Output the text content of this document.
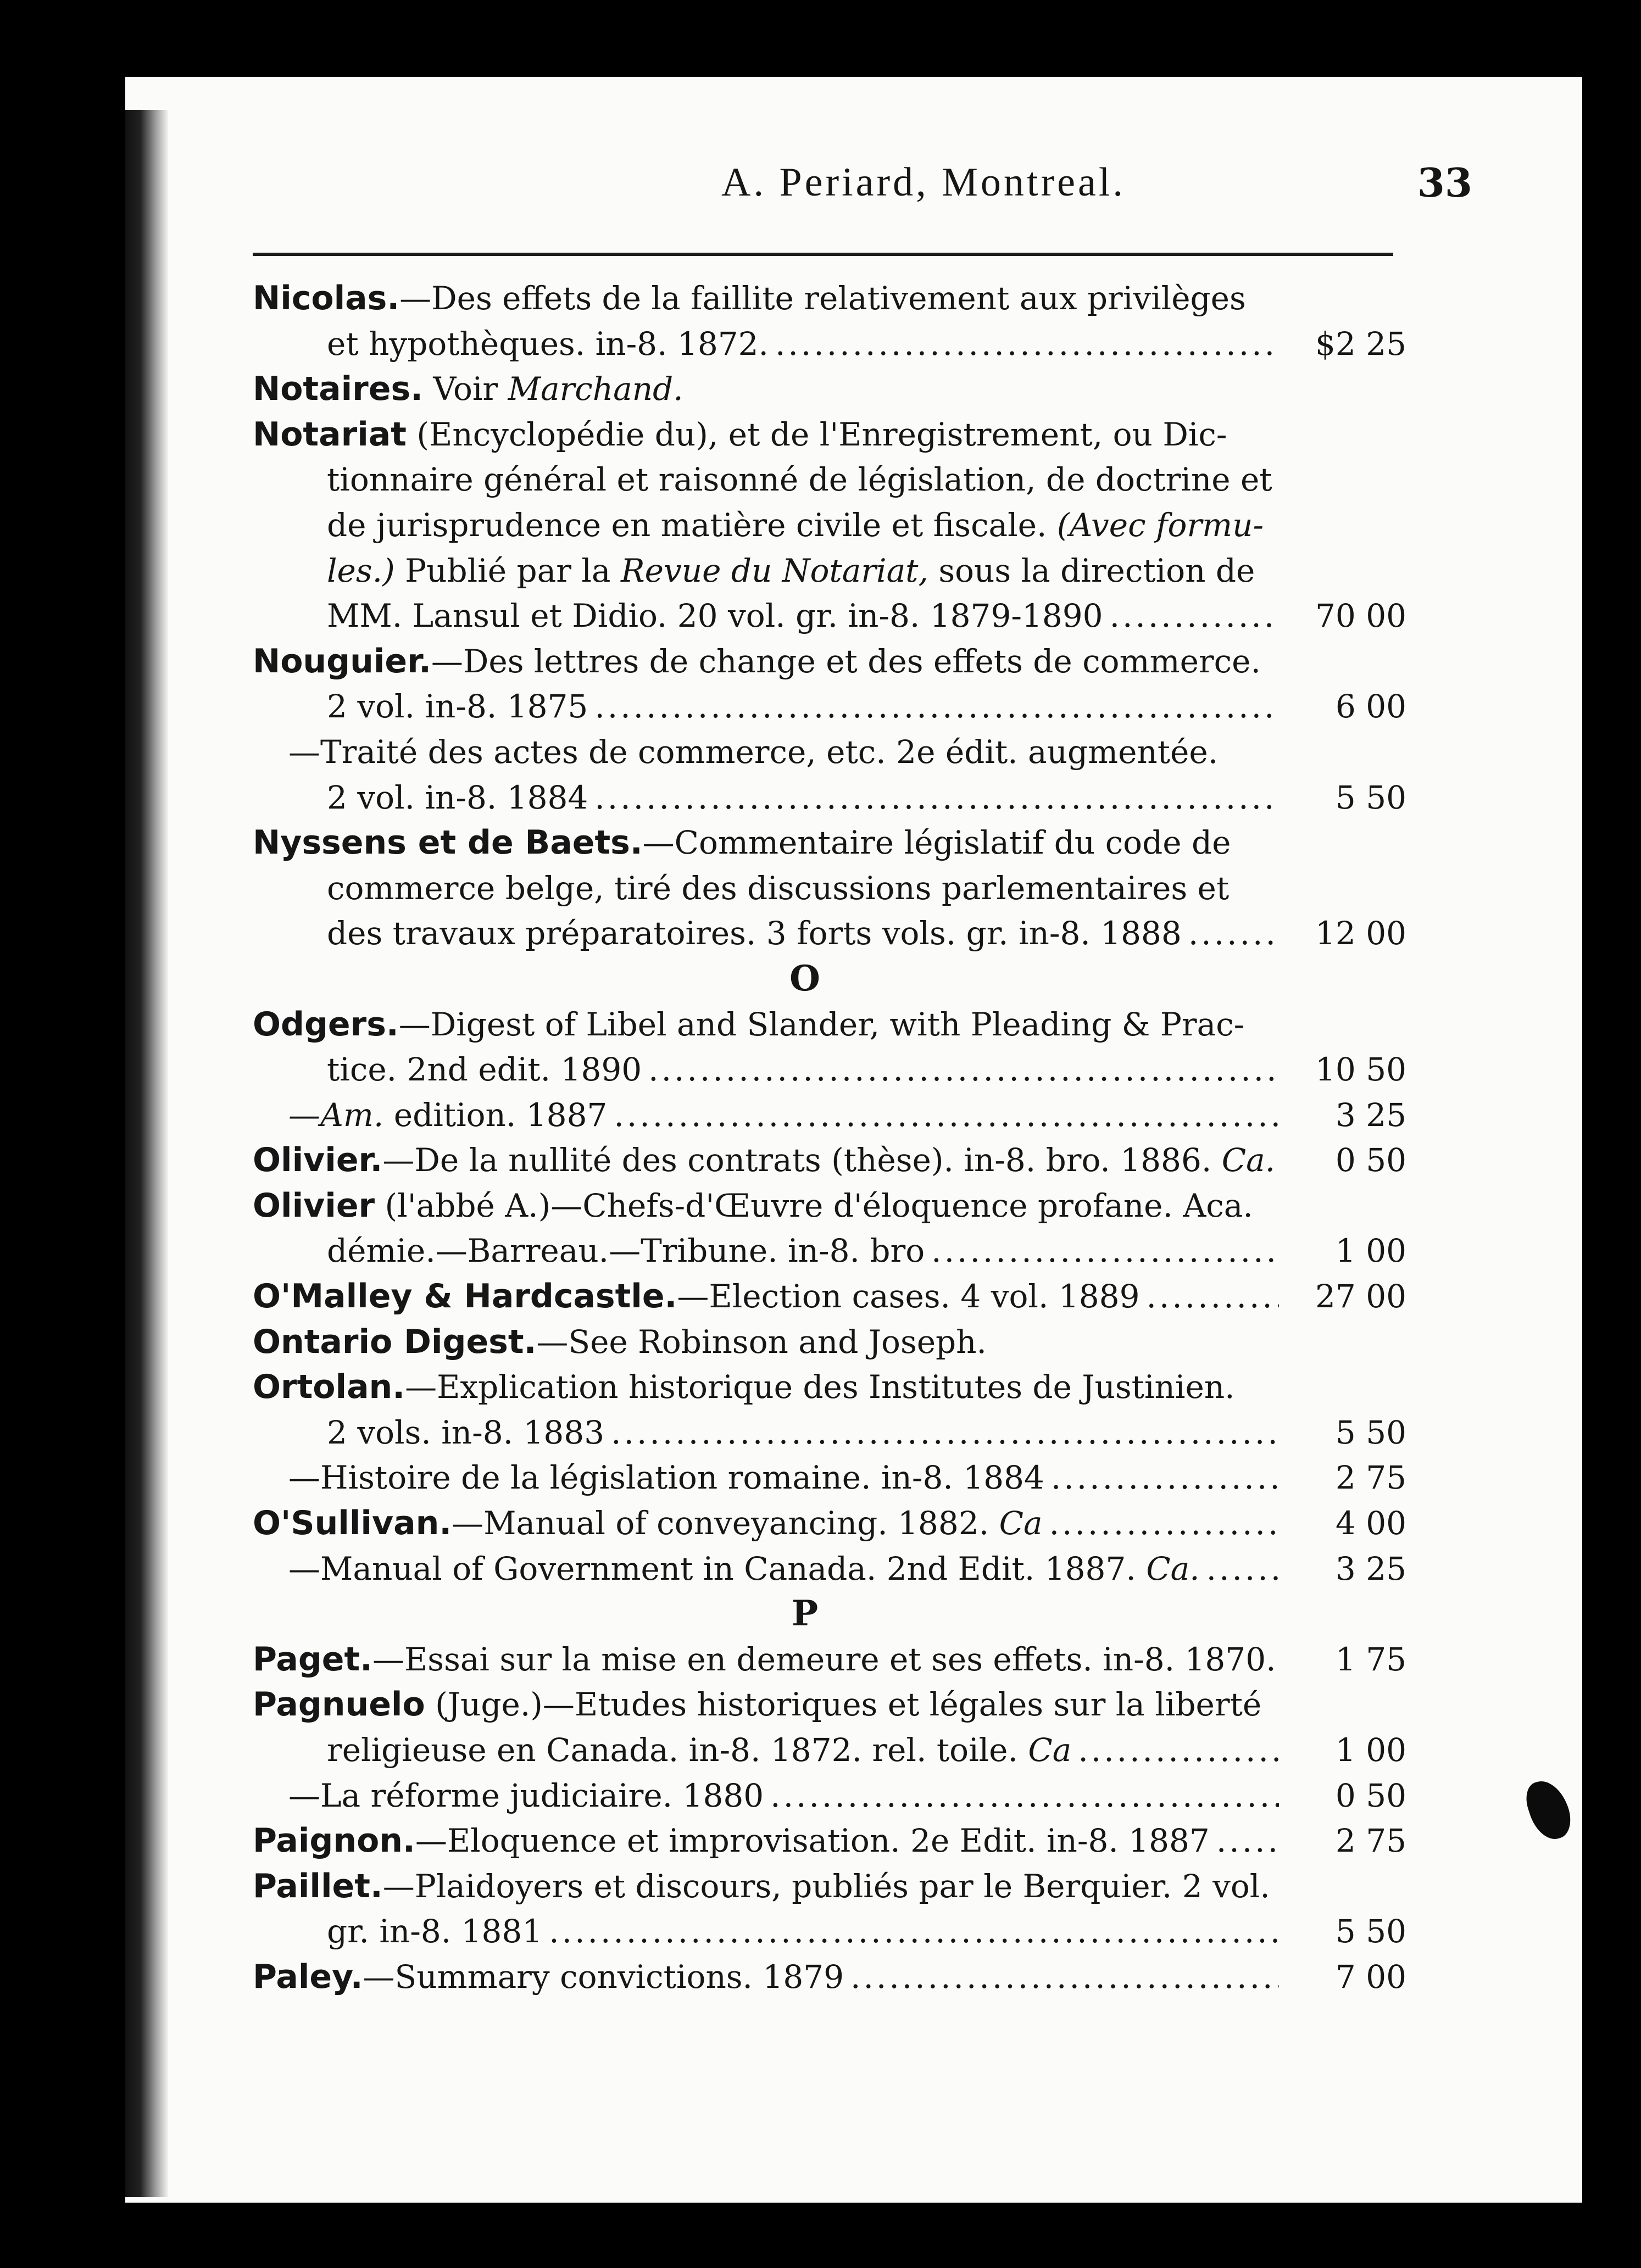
A. Periard, Montreal.	33
Nicolas.—Des effets de la faillite relativement aux privilèges
et hypothèques. in-8. 1872. .....	$2 25
Notaires. Voir Marchand.
Notariat (Encyclopédie du), et de l'Enregistrement, ou Dic-
tionnaire général et raisonné de législation, de doctrine et
de jurisprudence en matière civile et fiscale. (Avec formu-
les.) Publié par la Revue du Notariat, sous la direction de
MM. Lansul et Didio. 20 vol. gr. in-8. 1879-1890 .....	70 00
Nouguier.—Des lettres de change et des effets de commerce.
2 vol. in-8. 1875 .....	6 00
—Traité des actes de commerce, etc. 2e édit. augmentée.
2 vol. in-8. 1884 .....	5 50
Nyssens et de Baets.—Commentaire législatif du code de
commerce belge, tiré des discussions parlementaires et
des travaux préparatoires. 3 forts vols. gr. in-8. 1888 .....	12 00
O
Odgers.—Digest of Libel and Slander, with Pleading & Prac-
tice. 2nd edit. 1890 .....	10 50
—Am. edition. 1887 .....	3 25
Olivier.—De la nullité des contrats (thèse). in-8. bro. 1886. Ca.	0 50
Olivier (l'abbé A.)—Chefs-d'Œuvre d'éloquence profane. Aca.
démie.—Barreau.—Tribune. in-8. bro .....	1 00
O'Malley & Hardcastle.—Election cases. 4 vol. 1889 .....	27 00
Ontario Digest.—See Robinson and Joseph.
Ortolan.—Explication historique des Institutes de Justinien.
2 vols. in-8. 1883 .....	5 50
—Histoire de la législation romaine. in-8. 1884 .....	2 75
O'Sullivan.—Manual of conveyancing. 1882. Ca .....	4 00
—Manual of Government in Canada. 2nd Edit. 1887. Ca. .....	3 25
P
Paget.—Essai sur la mise en demeure et ses effets. in-8. 1870.	1 75
Pagnuelo (Juge.)—Etudes historiques et légales sur la liberté
religieuse en Canada. in-8. 1872. rel. toile. Ca .....	1 00
—La réforme judiciaire. 1880 .....	0 50
Paignon.—Eloquence et improvisation. 2e Edit. in-8. 1887 .....	2 75
Paillet.—Plaidoyers et discours, publiés par le Berquier. 2 vol.
gr. in-8. 1881 .....	5 50
Paley.—Summary convictions. 1879 .....	7 00
